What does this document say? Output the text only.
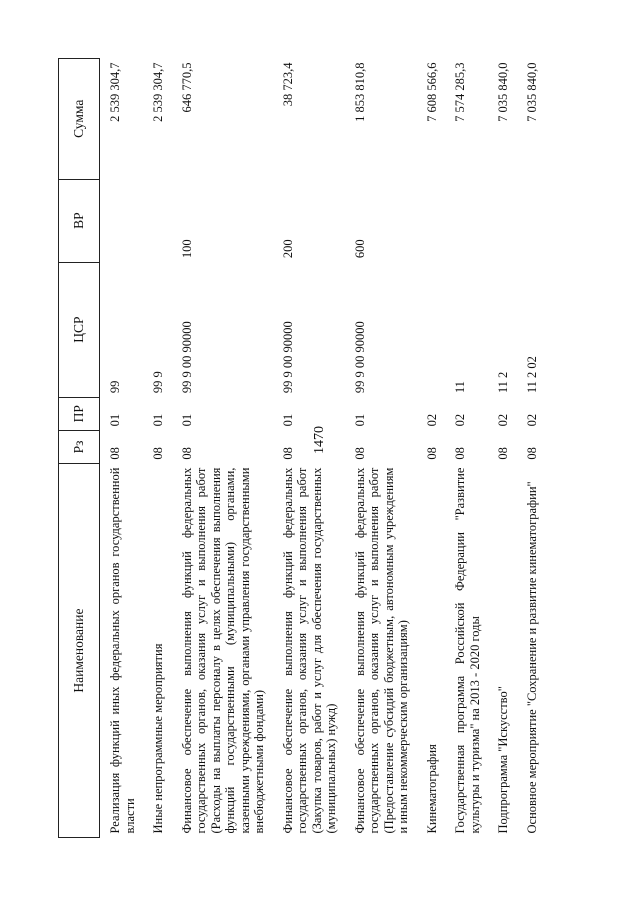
1470
Наименование	Рз	ПР	ЦСР	ВР	Сумма
Реализация функций иных федеральных органов государственной власти	08	01	99		2 539 304,7
Иные непрограммные мероприятия	08	01	99 9		2 539 304,7
Финансовое обеспечение выполнения функций федеральных государственных органов, оказания услуг и выполнения работ (Расходы на выплаты персоналу в целях обеспечения выполнения функций государственными (муниципальными) органами, казенными учреждениями, органами управления государственными внебюджетными фондами)	08	01	99 9 00 90000	100	646 770,5
Финансовое обеспечение выполнения функций федеральных государственных органов, оказания услуг и выполнения работ (Закупка товаров, работ и услуг для обеспечения государственных (муниципальных) нужд)	08	01	99 9 00 90000	200	38 723,4
Финансовое обеспечение выполнения функций федеральных государственных органов, оказания услуг и выполнения работ (Предоставление субсидий бюджетным, автономным учреждениям и иным некоммерческим организациям)	08	01	99 9 00 90000	600	1 853 810,8
Кинематография	08	02			7 608 566,6
Государственная программа Российской Федерации "Развитие культуры и туризма" на 2013 - 2020 годы	08	02	11		7 574 285,3
Подпрограмма "Искусство"	08	02	11 2		7 035 840,0
Основное мероприятие "Сохранение и развитие кинематографии"	08	02	11 2 02		7 035 840,0
